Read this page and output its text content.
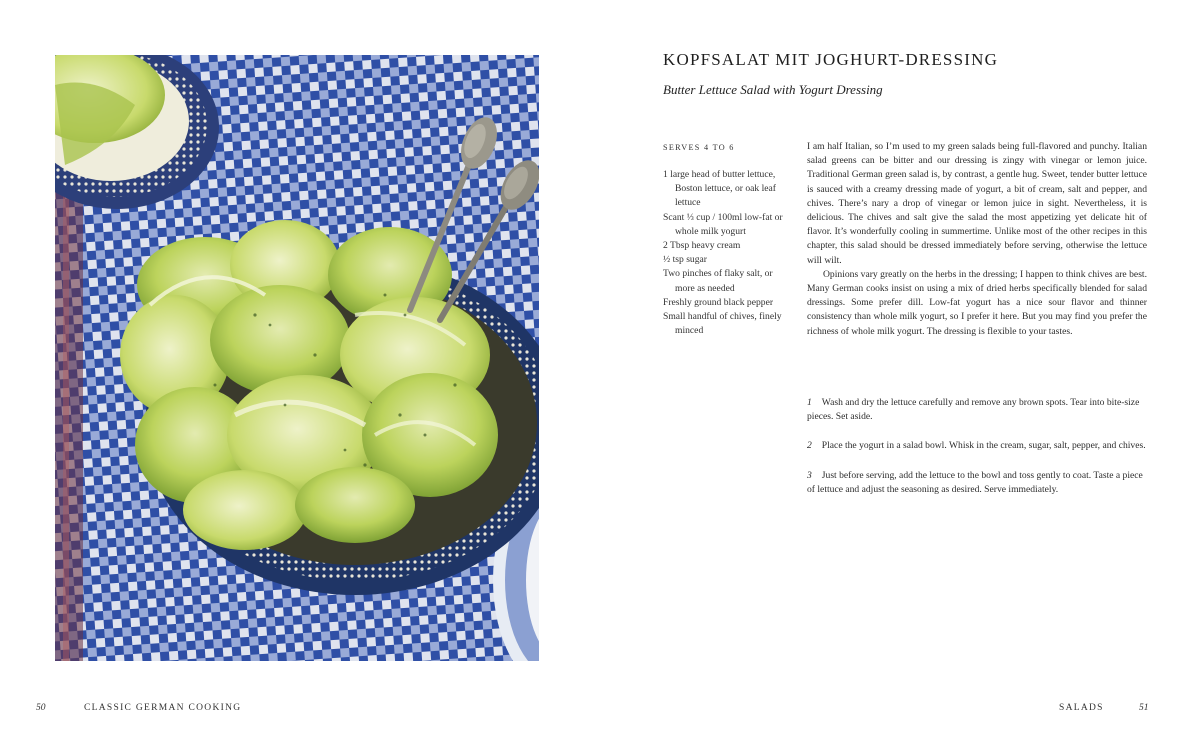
KOPFSALAT MIT JOGHURT-DRESSING
Butter Lettuce Salad with Yogurt Dressing
SERVES 4 TO 6
1 large head of butter lettuce, Boston lettuce, or oak leaf lettuce
Scant ⅓ cup / 100ml low-fat or whole milk yogurt
2 Tbsp heavy cream
½ tsp sugar
Two pinches of flaky salt, or more as needed
Freshly ground black pepper
Small handful of chives, finely minced

I am half Italian, so I’m used to my green salads being full-flavored and punchy. Italian salad greens can be bitter and our dressing is zingy with vinegar or lemon juice. Traditional German green salad is, by contrast, a gentle hug. Sweet, tender butter lettuce is sauced with a creamy dressing made of yogurt, a bit of cream, salt and pepper, and chives. There’s nary a drop of vinegar or lemon juice in sight. Nevertheless, it is delicious. The chives and salt give the salad the most appetizing yet delicate hit of flavor. It’s wonderfully cooling in summertime. Unlike most of the other recipes in this chapter, this salad should be dressed immediately before serving, otherwise the lettuce will wilt.

Opinions vary greatly on the herbs in the dressing; I happen to think chives are best. Many German cooks insist on using a mix of dried herbs specifically blended for salad dressings. Some prefer dill. Low-fat yogurt has a nice sour flavor and thinner consistency than whole milk yogurt, so I prefer it here. But you may find you prefer the richness of whole milk yogurt. The dressing is flexible to your tastes.

1 Wash and dry the lettuce carefully and remove any brown spots. Tear into bite-size pieces. Set aside.

2 Place the yogurt in a salad bowl. Whisk in the cream, sugar, salt, pepper, and chives.

3 Just before serving, add the lettuce to the bowl and toss gently to coat. Taste a piece of lettuce and adjust the seasoning as desired. Serve immediately.

50	CLASSIC GERMAN COOKING	SALADS	51
